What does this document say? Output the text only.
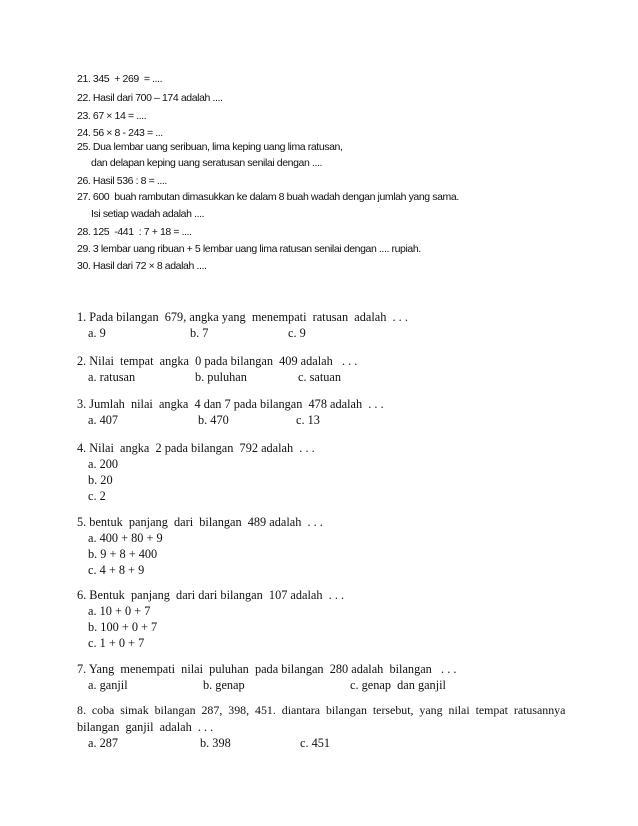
21. 345  + 269  = ....
22. Hasil dari 700 – 174 adalah ....
23. 67 × 14 = ....
24. 56 × 8 - 243 = ...
25. Dua lembar uang seribuan, lima keping uang lima ratusan,
dan delapan keping uang seratusan senilai dengan ....
26. Hasil 536 : 8 = ....
27. 600  buah rambutan dimasukkan ke dalam 8 buah wadah dengan jumlah yang sama.
Isi setiap wadah adalah ....
28. 125  -441  : 7 + 18 = ....
29. 3 lembar uang ribuan + 5 lembar uang lima ratusan senilai dengan .... rupiah.
30. Hasil dari 72 × 8 adalah ....
1. Pada bilangan  679, angka yang  menempati  ratusan  adalah  . . .
a. 9	b. 7	c. 9
2. Nilai  tempat  angka  0 pada bilangan  409 adalah   . . .
a. ratusan	b. puluhan	c. satuan
3. Jumlah  nilai  angka  4 dan 7 pada bilangan  478 adalah  . . .
a. 407	b. 470	c. 13
4. Nilai  angka  2 pada bilangan  792 adalah  . . .
a. 200
b. 20
c. 2
5. bentuk  panjang  dari  bilangan  489 adalah  . . .
a. 400 + 80 + 9
b. 9 + 8 + 400
c. 4 + 8 + 9
6. Bentuk  panjang  dari dari bilangan  107 adalah  . . .
a. 10 + 0 + 7
b. 100 + 0 + 7
c. 1 + 0 + 7
7. Yang  menempati  nilai  puluhan  pada bilangan  280 adalah  bilangan   . . .
a. ganjil	b. genap	c. genap  dan ganjil
8.  coba  simak  bilangan  287,  398,  451.  diantara  bilangan  tersebut,  yang  nilai  tempat  ratusannya
bilangan  ganjil  adalah  . . .
a. 287	b. 398	c. 451
